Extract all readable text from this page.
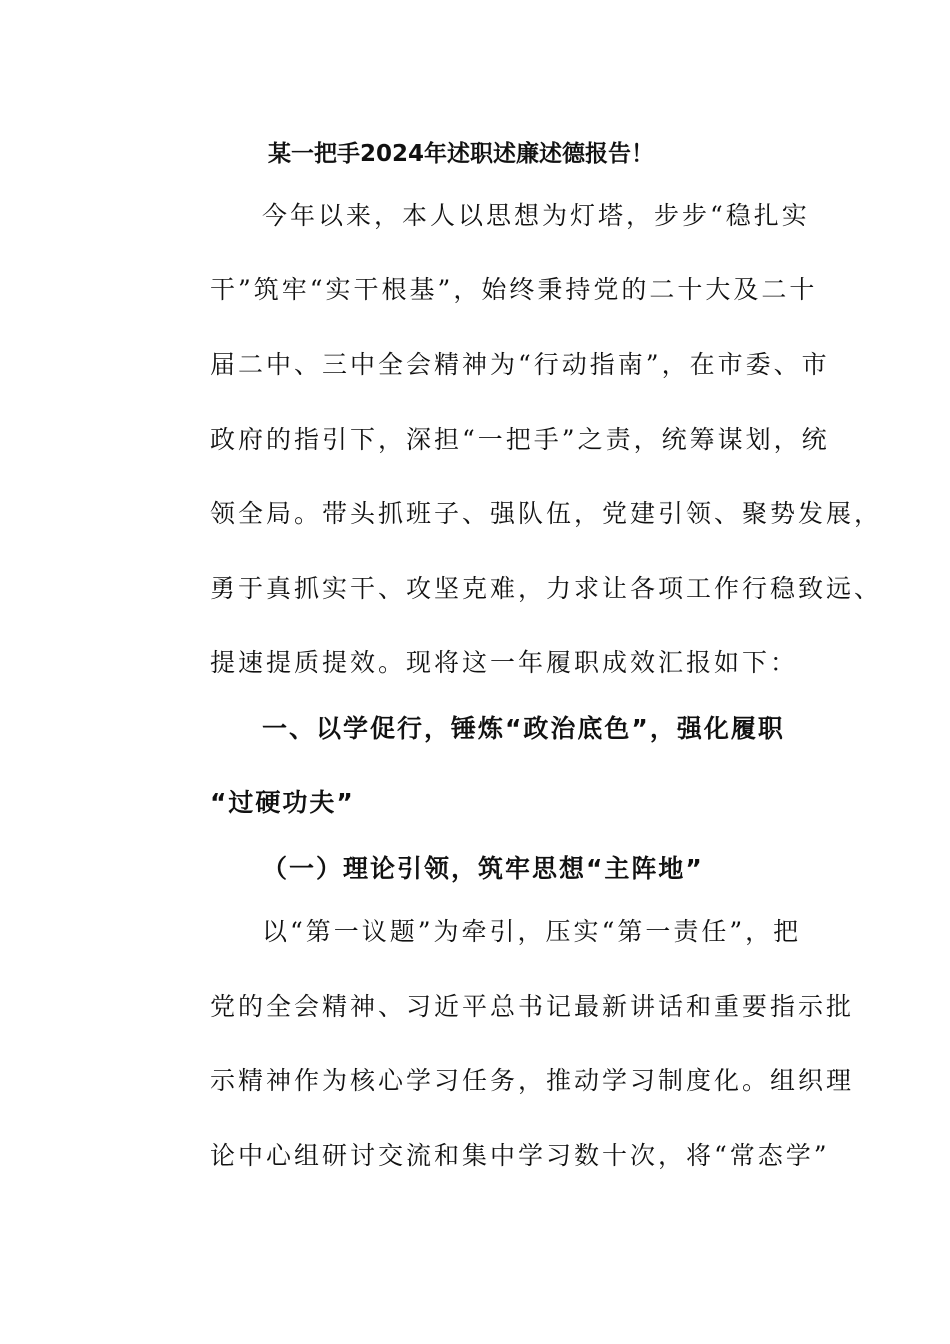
某一把手2024年述职述廉述德报告！
今年以来，本人以思想为灯塔，步步“稳扎实
干”筑牢“实干根基”，始终秉持党的二十大及二十
届二中、三中全会精神为“行动指南”，在市委、市
政府的指引下，深担“一把手”之责，统筹谋划，统
领全局。带头抓班子、强队伍，党建引领、聚势发展，
勇于真抓实干、攻坚克难，力求让各项工作行稳致远、
提速提质提效。现将这一年履职成效汇报如下：
一、以学促行，锤炼“政治底色”，强化履职
“过硬功夫”
（一）理论引领，筑牢思想“主阵地”
以“第一议题”为牵引，压实“第一责任”，把
党的全会精神、习近平总书记最新讲话和重要指示批
示精神作为核心学习任务，推动学习制度化。组织理
论中心组研讨交流和集中学习数十次，将“常态学”
